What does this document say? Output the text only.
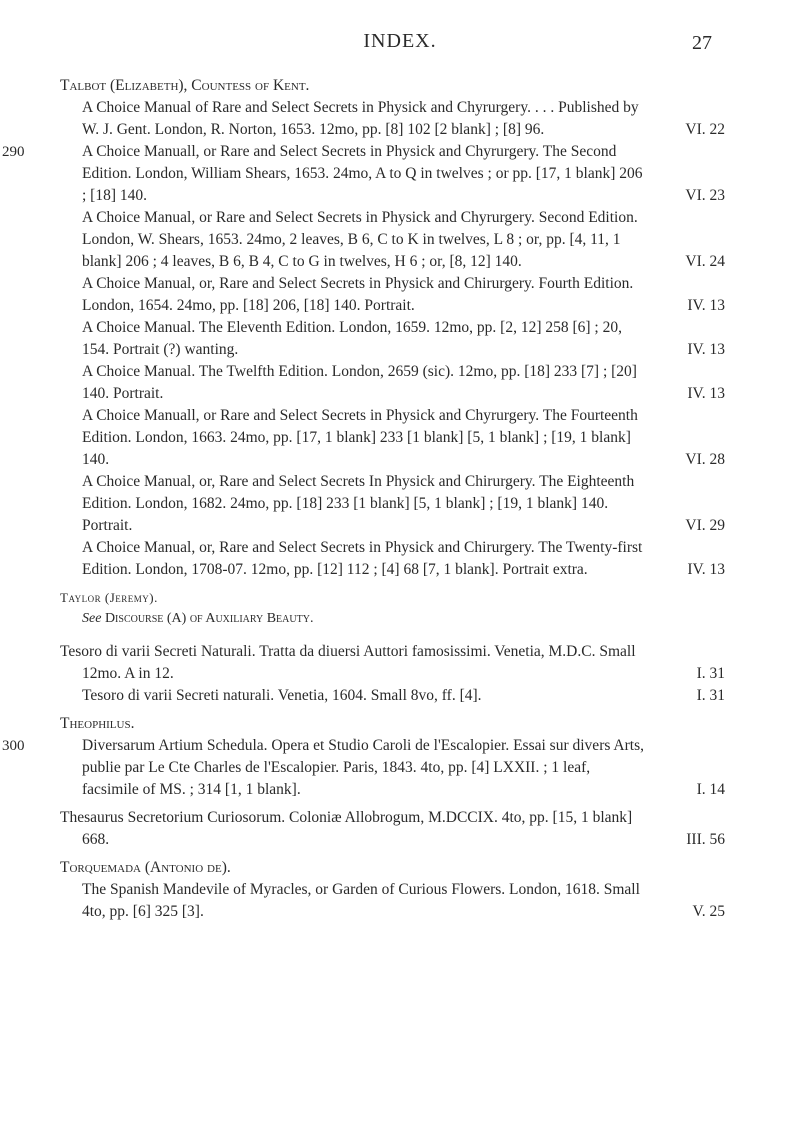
INDEX.	27
Talbot (Elizabeth), Countess of Kent.
A Choice Manual of Rare and Select Secrets in Physick and Chyrurgery. . . . Published by W. J. Gent. London, R. Norton, 1653. 12mo, pp. [8] 102 [2 blank] ; [8] 96.	VI. 22
290	A Choice Manuall, or Rare and Select Secrets in Physick and Chyrurgery. The Second Edition. London, William Shears, 1653. 24mo, A to Q in twelves ; or pp. [17, 1 blank] 206 ; [18] 140.	VI. 23
A Choice Manual, or Rare and Select Secrets in Physick and Chyrurgery. Second Edition. London, W. Shears, 1653. 24mo, 2 leaves, B 6, C to K in twelves, L 8 ; or, pp. [4, 11, 1 blank] 206 ; 4 leaves, B 6, B 4, C to G in twelves, H 6 ; or, [8, 12] 140.	VI. 24
A Choice Manual, or, Rare and Select Secrets in Physick and Chirurgery. Fourth Edition. London, 1654. 24mo, pp. [18] 206, [18] 140. Portrait.	IV. 13
A Choice Manual. The Eleventh Edition. London, 1659. 12mo, pp. [2, 12] 258 [6] ; 20, 154. Portrait (?) wanting.	IV. 13
A Choice Manual. The Twelfth Edition. London, 2659 (sic). 12mo, pp. [18] 233 [7] ; [20] 140. Portrait.	IV. 13
A Choice Manuall, or Rare and Select Secrets in Physick and Chyrurgery. The Fourteenth Edition. London, 1663. 24mo, pp. [17, 1 blank] 233 [1 blank] [5, 1 blank] ; [19, 1 blank] 140.	VI. 28
A Choice Manual, or, Rare and Select Secrets In Physick and Chirurgery. The Eighteenth Edition. London, 1682. 24mo, pp. [18] 233 [1 blank] [5, 1 blank] ; [19, 1 blank] 140. Portrait.	VI. 29
A Choice Manual, or, Rare and Select Secrets in Physick and Chirurgery. The Twenty-first Edition. London, 1708-07. 12mo, pp. [12] 112 ; [4] 68 [7, 1 blank]. Portrait extra.	IV. 13
Taylor (Jeremy).
See Discourse (A) of Auxiliary Beauty.
Tesoro di varii Secreti Naturali. Tratta da diuersi Auttori famosissimi. Venetia, M.D.C. Small 12mo. A in 12.	I. 31
Tesoro di varii Secreti naturali. Venetia, 1604. Small 8vo, ff. [4].	I. 31
Theophilus.
300	Diversarum Artium Schedula. Opera et Studio Caroli de l'Escalopier. Essai sur divers Arts, publie par Le Cte Charles de l'Escalopier. Paris, 1843. 4to, pp. [4] LXXII. ; 1 leaf, facsimile of MS. ; 314 [1, 1 blank].	I. 14
Thesaurus Secretorium Curiosorum. Coloniæ Allobrogum, M.DCCIX. 4to, pp. [15, 1 blank] 668.	III. 56
Torquemada (Antonio de).
The Spanish Mandevile of Myracles, or Garden of Curious Flowers. London, 1618. Small 4to, pp. [6] 325 [3].	V. 25
